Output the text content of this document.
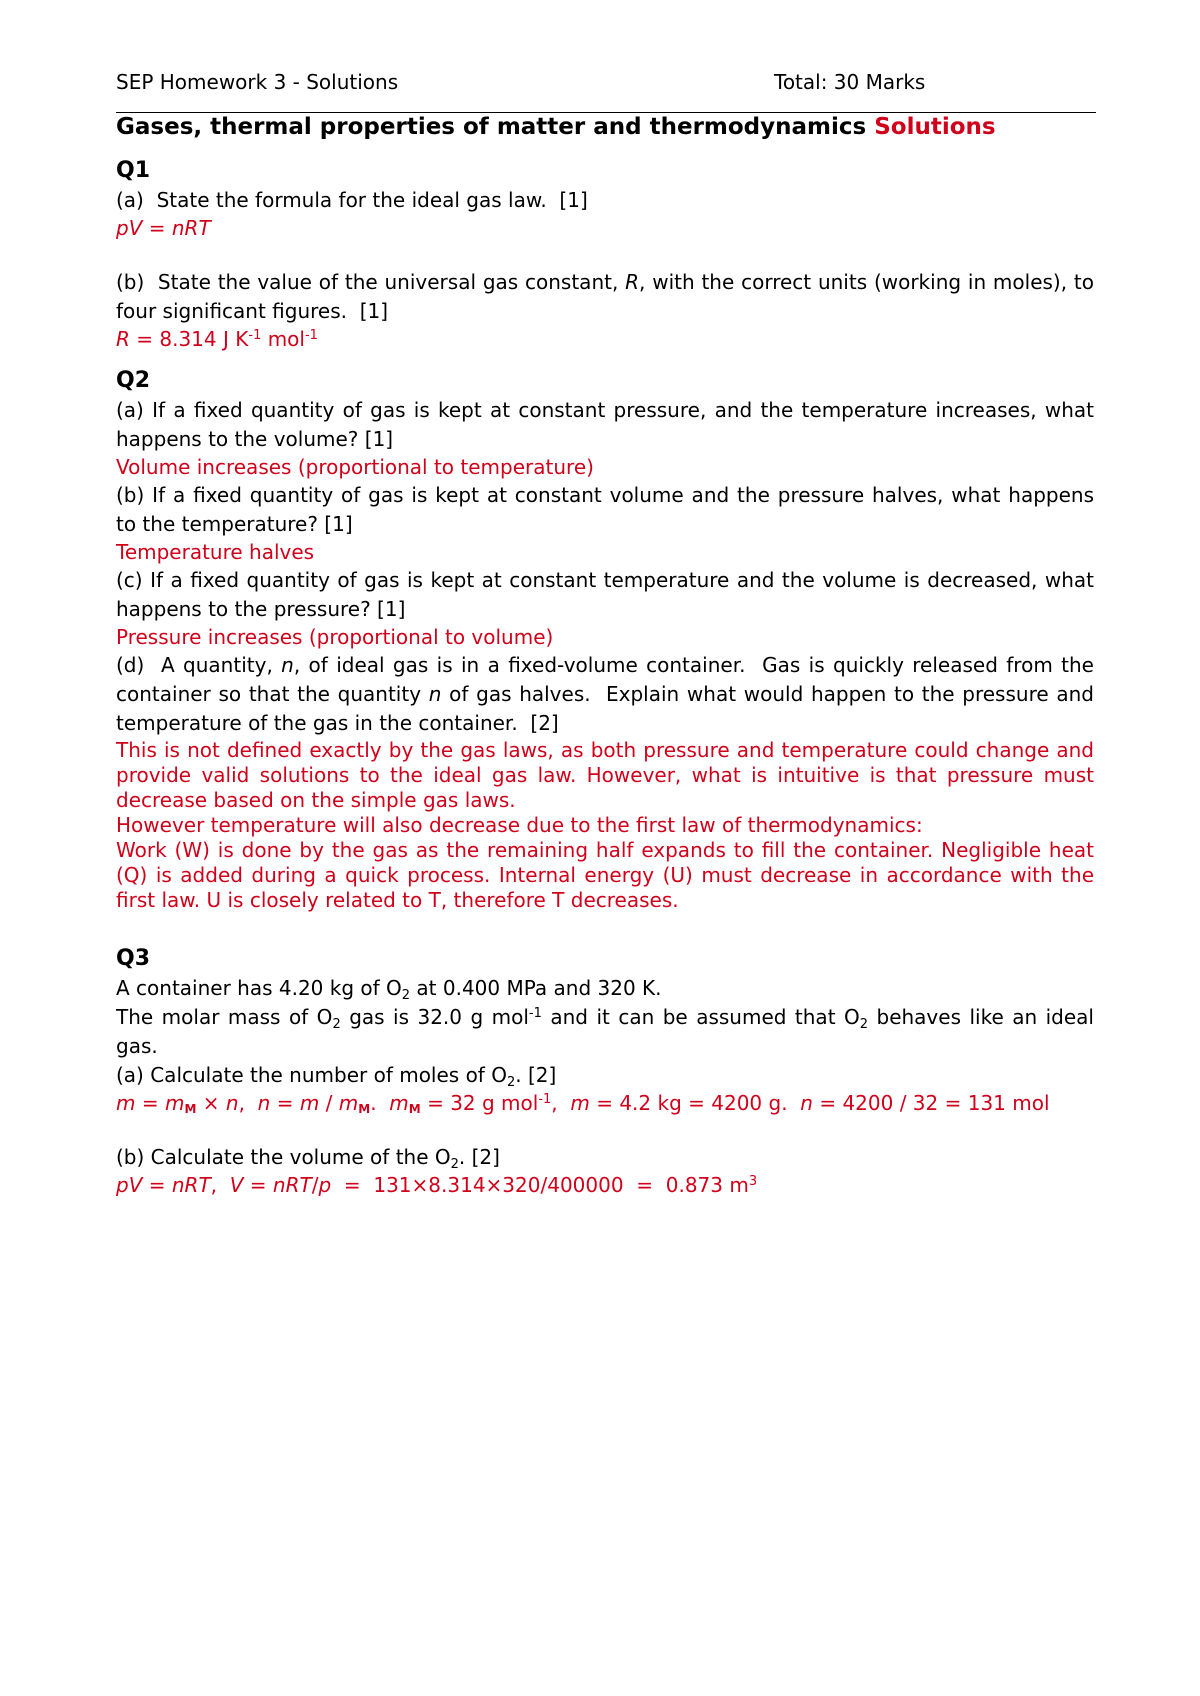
SEP Homework 3 - Solutions	Total: 30 Marks
Gases, thermal properties of matter and thermodynamics Solutions
Q1
(a)  State the formula for the ideal gas law.  [1]
pV = nRT
(b)  State the value of the universal gas constant, R, with the correct units (working in moles), to four significant figures.  [1]
R = 8.314 J $K^{-1}$ mol$^{-1}$
Q2
(a) If a fixed quantity of gas is kept at constant pressure, and the temperature increases, what happens to the volume? [1]
Volume increases (proportional to temperature)
(b) If a fixed quantity of gas is kept at constant volume and the pressure halves, what happens to the temperature? [1]
Temperature halves
(c) If a fixed quantity of gas is kept at constant temperature and the volume is decreased, what happens to the pressure? [1]
Pressure increases (proportional to volume)
(d)  A quantity, n, of ideal gas is in a fixed-volume container.  Gas is quickly released from the container so that the quantity n of gas halves.  Explain what would happen to the pressure and temperature of the gas in the container.  [2]
This is not defined exactly by the gas laws, as both pressure and temperature could change and provide valid solutions to the ideal gas law. However, what is intuitive is that pressure must decrease based on the simple gas laws.
However temperature will also decrease due to the first law of thermodynamics:
Work (W) is done by the gas as the remaining half expands to fill the container. Negligible heat (Q) is added during a quick process. Internal energy (U) must decrease in accordance with the first law. U is closely related to T, therefore T decreases.
Q3
A container has 4.20 kg of $O_2$ at 0.400 MPa and 320 K.
The molar mass of $O_2$ gas is 32.0 g mol$^{-1}$ and it can be assumed that $O_2$ behaves like an ideal gas.
(a) Calculate the number of moles of $O_2$. [2]
m = mM × n,  n = m / mM.  mM = 32 g mol$^{-1}$,  m = 4.2 kg = 4200 g.  n = 4200 / 32 = 131 mol
(b) Calculate the volume of the $O_2$. [2]
pV = nRT,  V = nRT/p  =  131×8.314×320/400000  =  0.873 $m^3$
